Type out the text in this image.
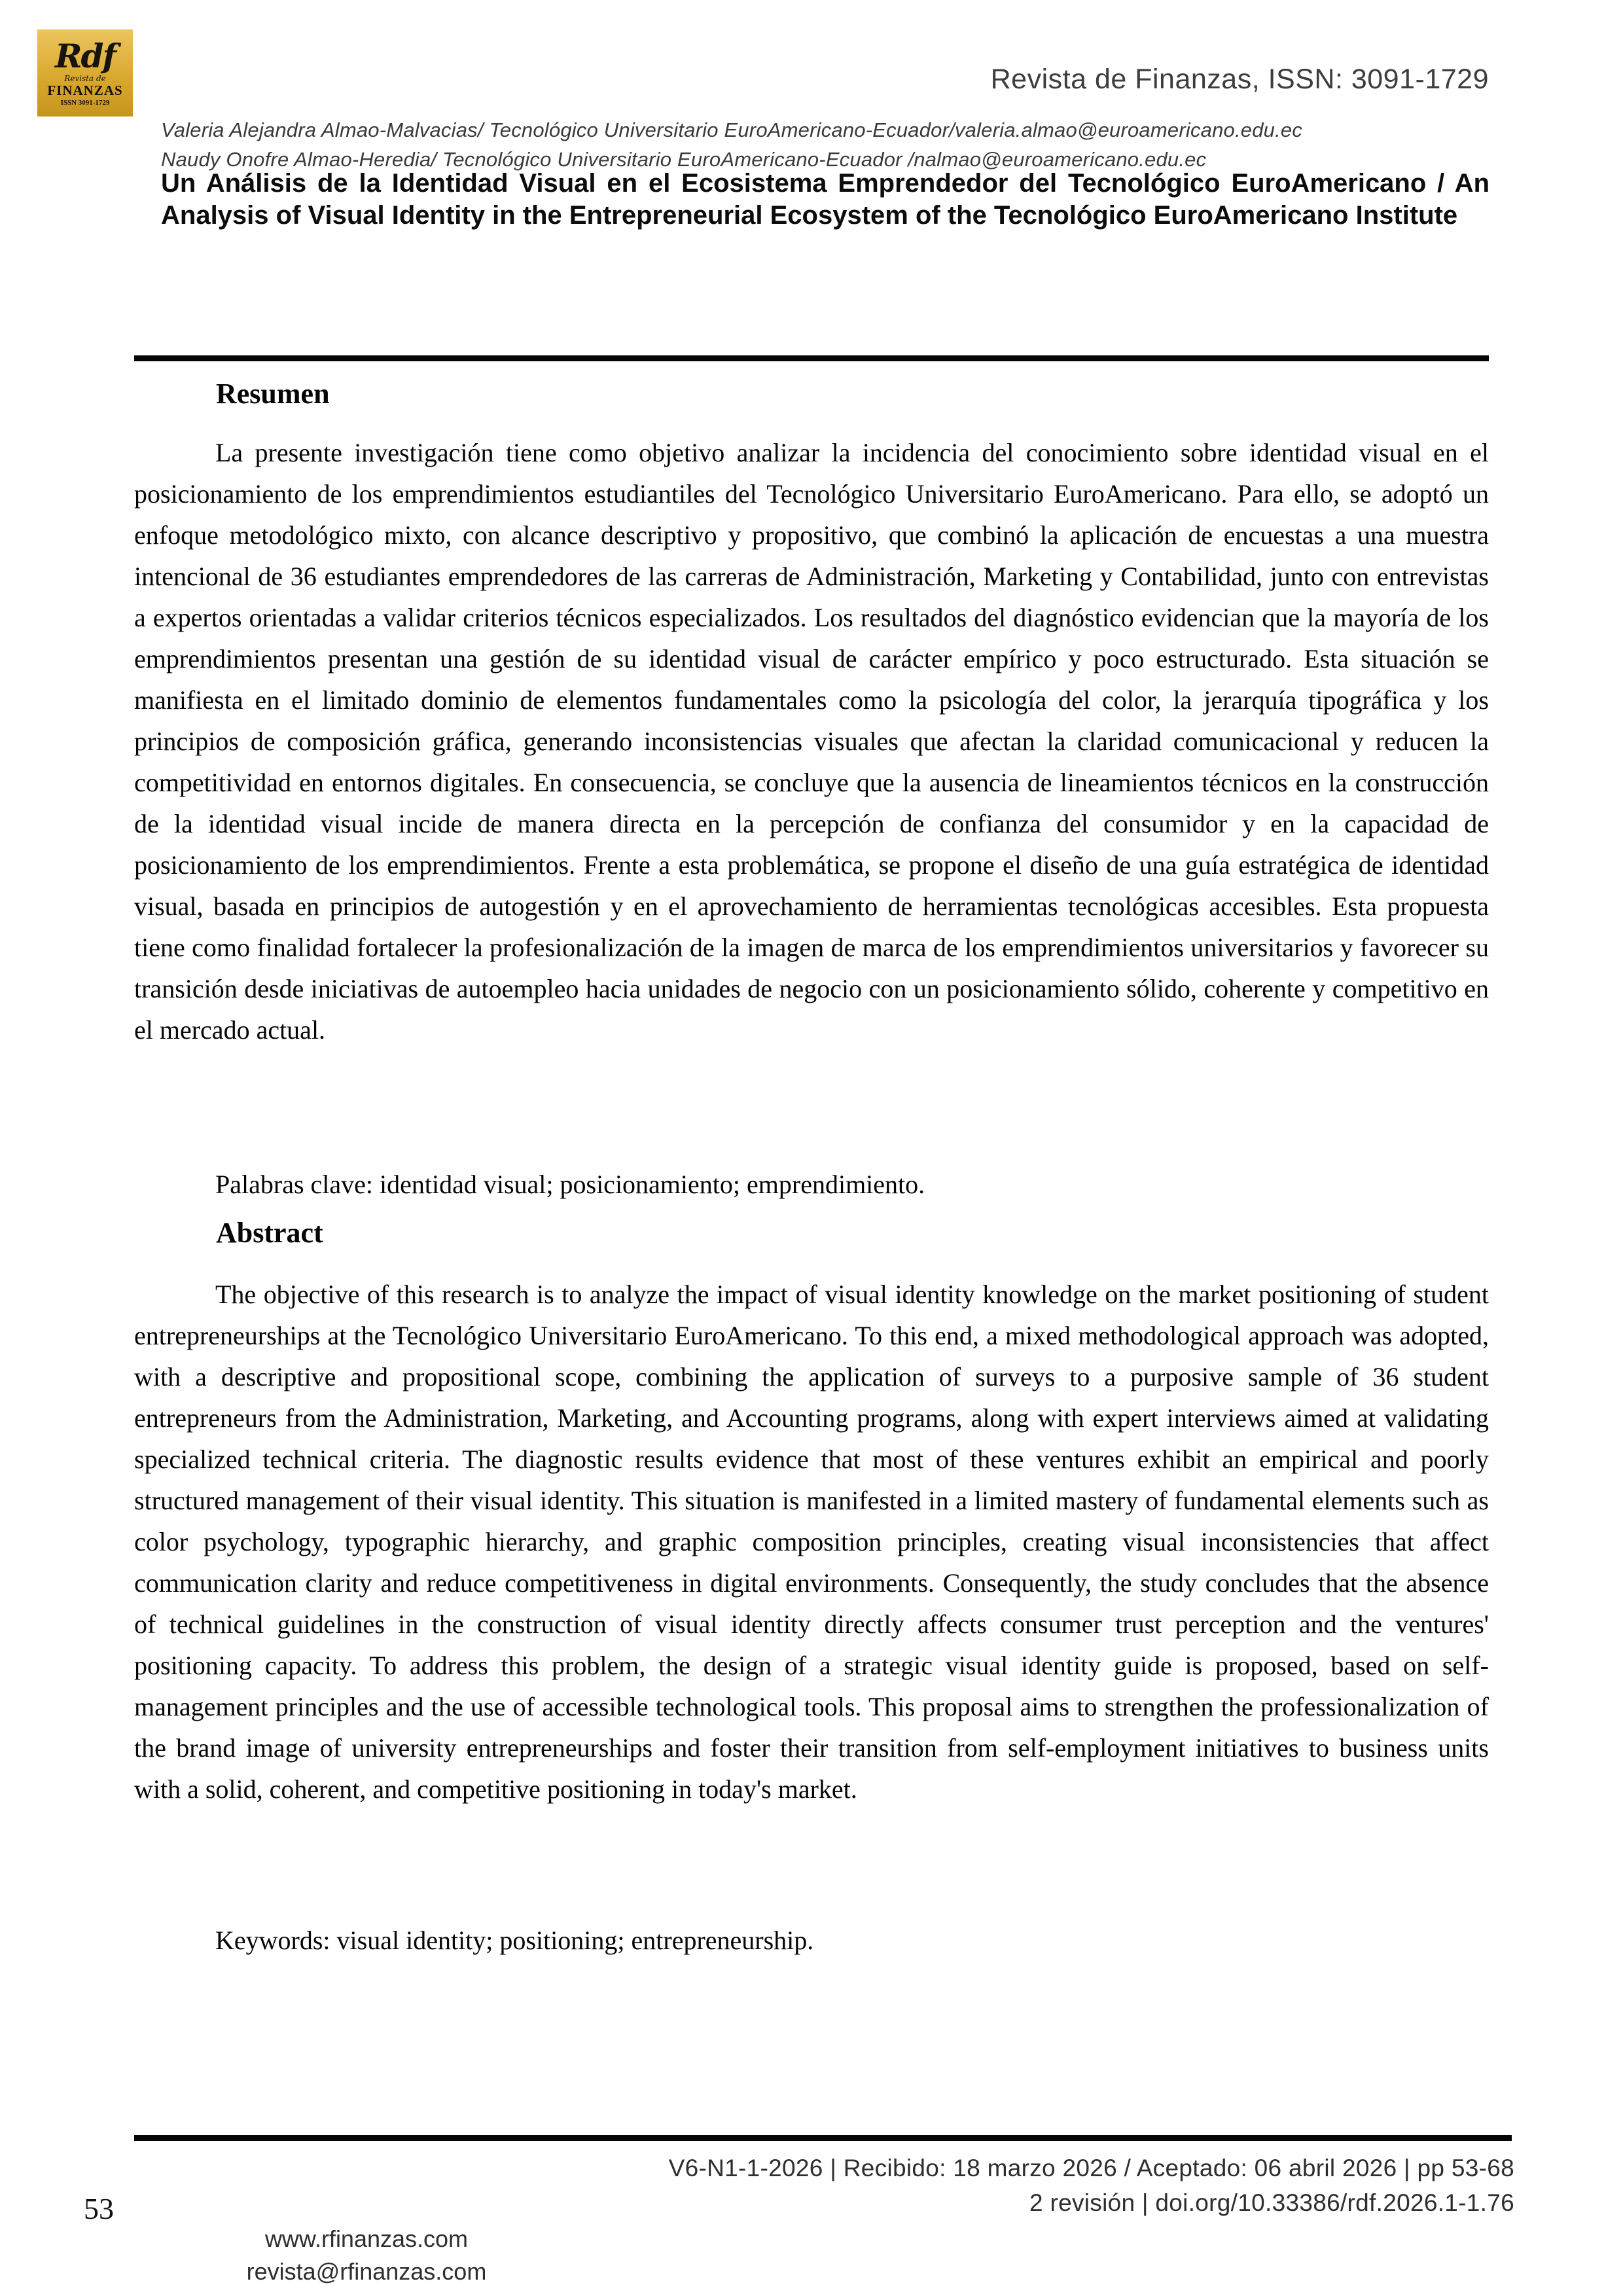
Rdf
Revista de
FINANZAS
ISSN 3091-1729
Revista de Finanzas, ISSN: 3091-1729
Valeria Alejandra Almao-Malvacias/ Tecnológico Universitario EuroAmericano-Ecuador/valeria.almao@euroamericano.edu.ec
Naudy Onofre Almao-Heredia/ Tecnológico Universitario EuroAmericano-Ecuador /nalmao@euroamericano.edu.ec
Un Análisis de la Identidad Visual en el Ecosistema Emprendedor del Tecnológico EuroAmericano / An Analysis of Visual Identity in the Entrepreneurial Ecosystem of the Tecnológico EuroAmericano Institute
Resumen

La presente investigación tiene como objetivo analizar la incidencia del conocimiento sobre identidad visual en el posicionamiento de los emprendimientos estudiantiles del Tecnológico Universitario EuroAmericano. Para ello, se adoptó un enfoque metodológico mixto, con alcance descriptivo y propositivo, que combinó la aplicación de encuestas a una muestra intencional de 36 estudiantes emprendedores de las carreras de Administración, Marketing y Contabilidad, junto con entrevistas a expertos orientadas a validar criterios técnicos especializados. Los resultados del diagnóstico evidencian que la mayoría de los emprendimientos presentan una gestión de su identidad visual de carácter empírico y poco estructurado. Esta situación se manifiesta en el limitado dominio de elementos fundamentales como la psicología del color, la jerarquía tipográfica y los principios de composición gráfica, generando inconsistencias visuales que afectan la claridad comunicacional y reducen la competitividad en entornos digitales. En consecuencia, se concluye que la ausencia de lineamientos técnicos en la construcción de la identidad visual incide de manera directa en la percepción de confianza del consumidor y en la capacidad de posicionamiento de los emprendimientos. Frente a esta problemática, se propone el diseño de una guía estratégica de identidad visual, basada en principios de autogestión y en el aprovechamiento de herramientas tecnológicas accesibles. Esta propuesta tiene como finalidad fortalecer la profesionalización de la imagen de marca de los emprendimientos universitarios y favorecer su transición desde iniciativas de autoempleo hacia unidades de negocio con un posicionamiento sólido, coherente y competitivo en el mercado actual.

Palabras clave: identidad visual; posicionamiento; emprendimiento.

Abstract

The objective of this research is to analyze the impact of visual identity knowledge on the market positioning of student entrepreneurships at the Tecnológico Universitario EuroAmericano. To this end, a mixed methodological approach was adopted, with a descriptive and propositional scope, combining the application of surveys to a purposive sample of 36 student entrepreneurs from the Administration, Marketing, and Accounting programs, along with expert interviews aimed at validating specialized technical criteria. The diagnostic results evidence that most of these ventures exhibit an empirical and poorly structured management of their visual identity. This situation is manifested in a limited mastery of fundamental elements such as color psychology, typographic hierarchy, and graphic composition principles, creating visual inconsistencies that affect communication clarity and reduce competitiveness in digital environments. Consequently, the study concludes that the absence of technical guidelines in the construction of visual identity directly affects consumer trust perception and the ventures' positioning capacity. To address this problem, the design of a strategic visual identity guide is proposed, based on self-management principles and the use of accessible technological tools. This proposal aims to strengthen the professionalization of the brand image of university entrepreneurships and foster their transition from self-employment initiatives to business units with a solid, coherent, and competitive positioning in today's market.

Keywords: visual identity; positioning; entrepreneurship.

V6-N1-1-2026 | Recibido: 18 marzo 2026 / Aceptado: 06 abril 2026 | pp 53-68
2 revisión | doi.org/10.33386/rdf.2026.1-1.76
53
www.rfinanzas.com
revista@rfinanzas.com
